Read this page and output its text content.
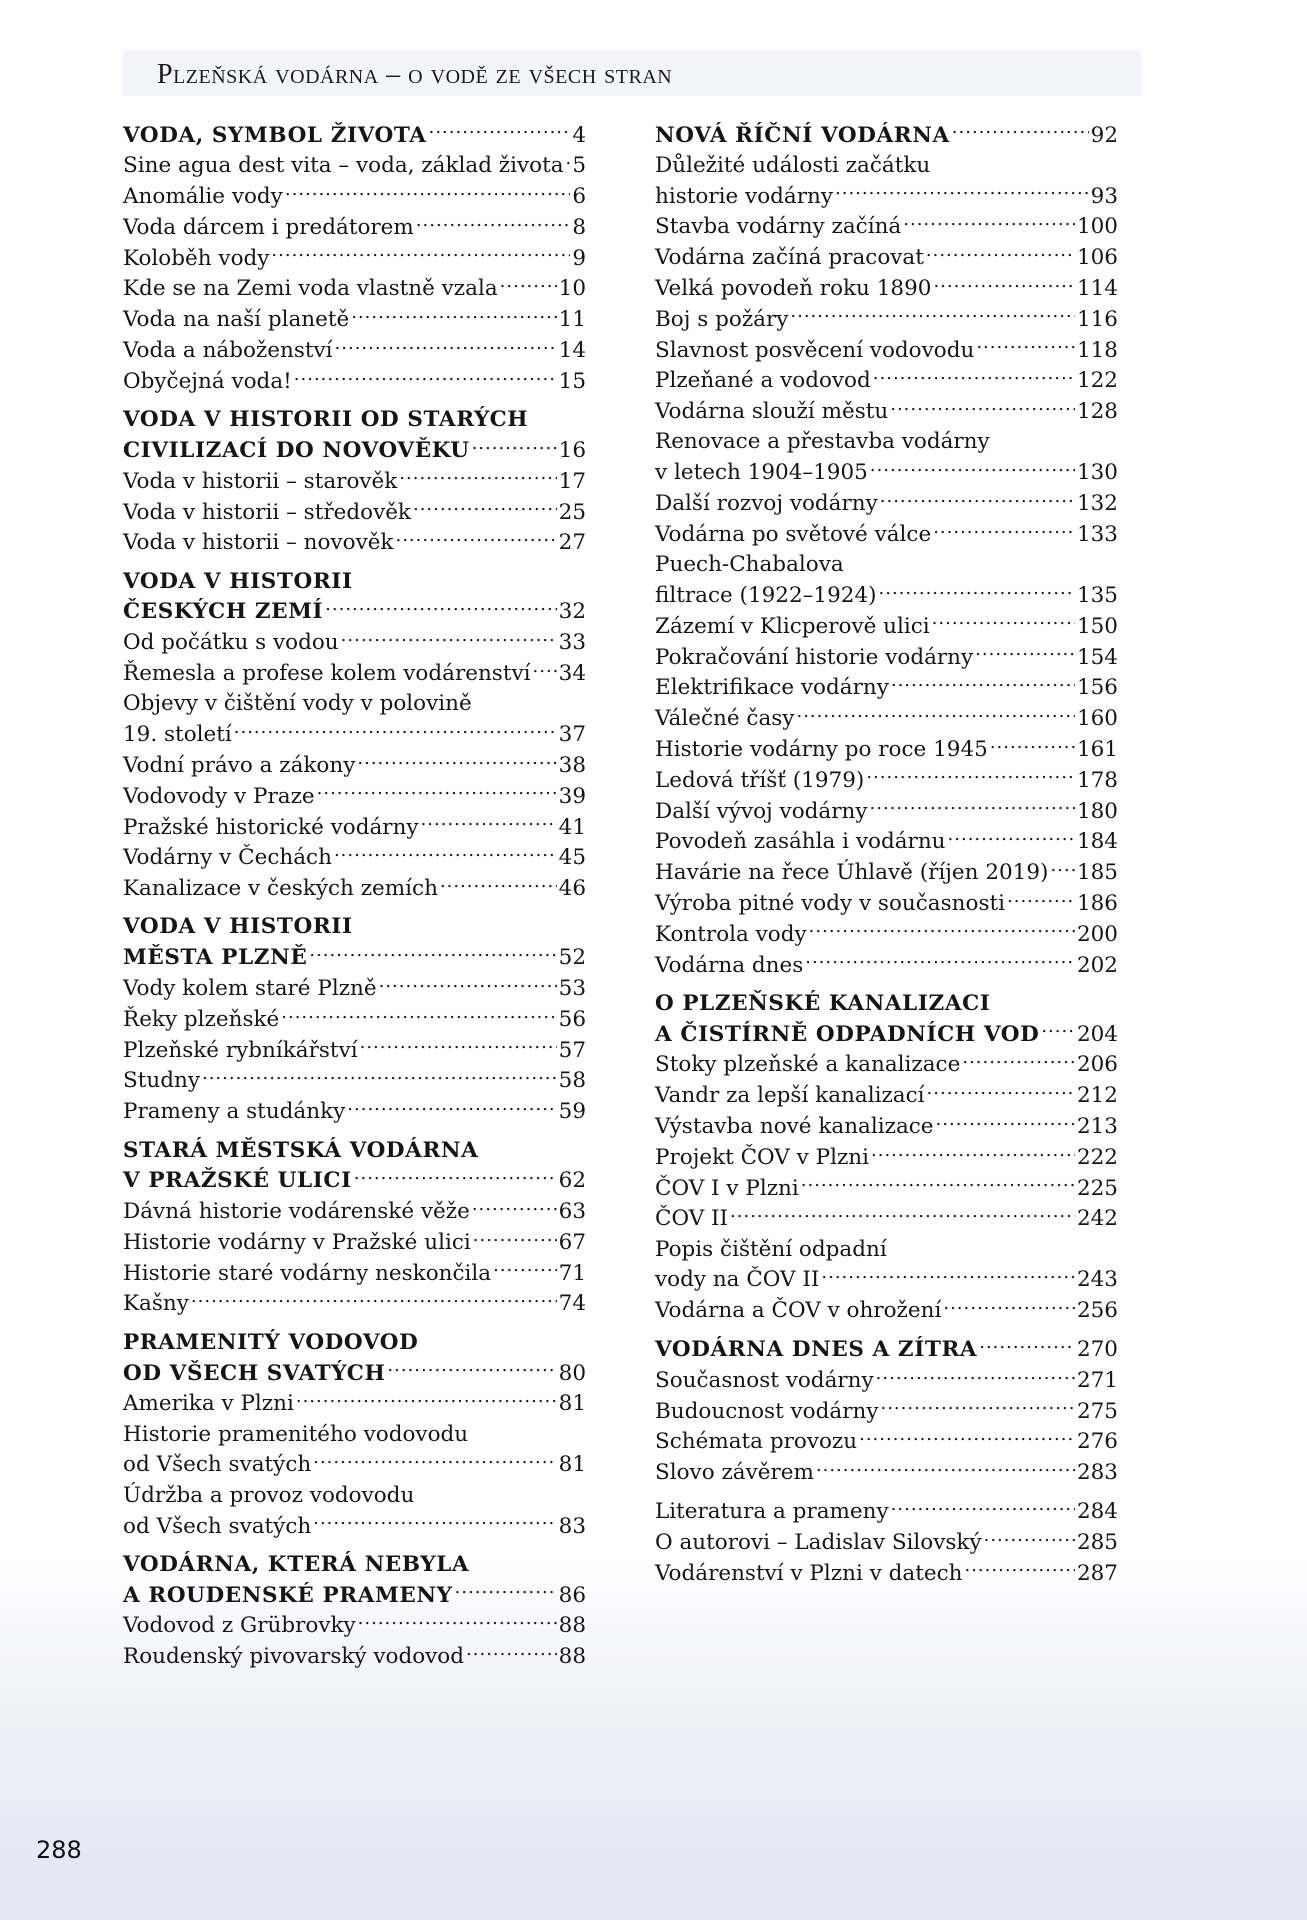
Plzeňská vodárna – o vodě ze všech stran
VODA, SYMBOL ŽIVOTA .....	4
Sine agua dest vita – voda, základ života ..... 5
Anomálie vody .....	6
Voda dárcem i predátorem .....	8
Koloběh vody .....	9
Kde se na Zemi voda vlastně vzala .....	10
Voda na naší planetě .....	11
Voda a náboženství .....	14
Obyčejná voda! .....	15
VODA V HISTORII OD STARÝCH
CIVILIZACÍ DO NOVOVĚKU .....	16
Voda v historii – starověk .....	17
Voda v historii – středověk .....	25
Voda v historii – novověk .....	27
VODA V HISTORII
ČESKÝCH ZEMÍ .....	32
Od počátku s vodou .....	33
Řemesla a profese kolem vodárenství ..... 34
Objevy v čištění vody v polovině
19. století .....	37
Vodní právo a zákony .....	38
Vodovody v Praze .....	39
Pražské historické vodárny .....	41
Vodárny v Čechách .....	45
Kanalizace v českých zemích .....	46
VODA V HISTORII
MĚSTA PLZNĚ .....	52
Vody kolem staré Plzně .....	53
Řeky plzeňské .....	56
Plzeňské rybníkářství .....	57
Studny .....	58
Prameny a studánky .....	59
STARÁ MĚSTSKÁ VODÁRNA
V PRAŽSKÉ ULICI .....	62
Dávná historie vodárenské věže .....	63
Historie vodárny v Pražské ulici .....	67
Historie staré vodárny neskončila .....	71
Kašny .....	74
PRAMENITÝ VODOVOD
OD VŠECH SVATÝCH .....	80
Amerika v Plzni .....	81
Historie pramenitého vodovodu
od Všech svatých .....	81
Údržba a provoz vodovodu
od Všech svatých .....	83
VODÁRNA, KTERÁ NEBYLA
A ROUDENSKÉ PRAMENY .....	86
Vodovod z Grübrovky .....	88
Roudenský pivovarský vodovod .....	88
NOVÁ ŘÍČNÍ VODÁRNA .....	92
Důležité události začátku
historie vodárny .....	93
Stavba vodárny začíná .....	100
Vodárna začíná pracovat .....	106
Velká povodeň roku 1890 .....	114
Boj s požáry .....	116
Slavnost posvěcení vodovodu .....	118
Plzeňané a vodovod .....	122
Vodárna slouží městu .....	128
Renovace a přestavba vodárny
v letech 1904–1905 .....	130
Další rozvoj vodárny .....	132
Vodárna po světové válce .....	133
Puech-Chabalova
filtrace (1922–1924) .....	135
Zázemí v Klicperově ulici .....	150
Pokračování historie vodárny .....	154
Elektrifikace vodárny .....	156
Válečné časy .....	160
Historie vodárny po roce 1945 .....	161
Ledová tříšť (1979) .....	178
Další vývoj vodárny .....	180
Povodeň zasáhla i vodárnu .....	184
Havárie na řece Úhlavě (říjen 2019) ..... 185
Výroba pitné vody v současnosti .....	186
Kontrola vody .....	200
Vodárna dnes .....	202
O PLZEŇSKÉ KANALIZACI
A ČISTÍRNĚ ODPADNÍCH VOD ..... 204
Stoky plzeňské a kanalizace .....	206
Vandr za lepší kanalizací .....	212
Výstavba nové kanalizace .....	213
Projekt ČOV v Plzni .....	222
ČOV I v Plzni .....	225
ČOV II .....	242
Popis čištění odpadní
vody na ČOV II .....	243
Vodárna a ČOV v ohrožení .....	256
VODÁRNA DNES A ZÍTRA .....	270
Současnost vodárny .....	271
Budoucnost vodárny .....	275
Schémata provozu .....	276
Slovo závěrem .....	283
Literatura a prameny .....	284
O autorovi – Ladislav Silovský .....	285
Vodárenství v Plzni v datech .....	287
288
